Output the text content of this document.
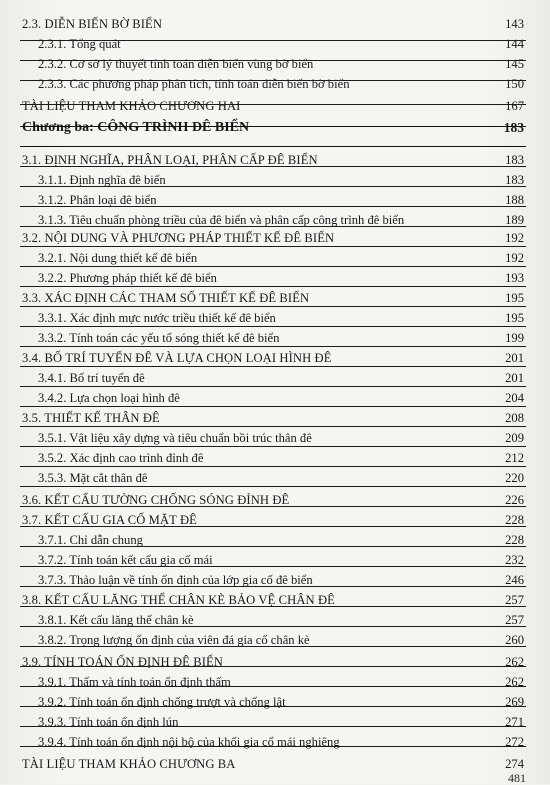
2.3. DIỄN BIẾN BỜ BIỂN	143
2.3.1. Tổng quát	144
2.3.2. Cơ sở lý thuyết tính toán diễn biến vùng bờ biển	145
2.3.3. Các phương pháp phân tích, tính toán diễn biến bờ biển	150
TÀI LIỆU THAM KHẢO CHƯƠNG HAI	167
Chương ba: CÔNG TRÌNH ĐÊ BIỂN	183
3.1. ĐỊNH NGHĨA, PHÂN LOẠI, PHÂN CẤP ĐÊ BIỂN	183
3.1.1. Định nghĩa đê biển	183
3.1.2. Phân loại đê biển	188
3.1.3. Tiêu chuẩn phòng triều của đê biển và phân cấp công trình đê biển	189
3.2. NỘI DUNG VÀ PHƯƠNG PHÁP THIẾT KẾ ĐÊ BIỂN	192
3.2.1. Nội dung thiết kế đê biển	192
3.2.2. Phương pháp thiết kế đê biển	193
3.3. XÁC ĐỊNH CÁC THAM SỐ THIẾT KẾ ĐÊ BIỂN	195
3.3.1. Xác định mực nước triều thiết kế đê biển	195
3.3.2. Tính toán các yếu tố sóng thiết kế đê biển	199
3.4. BỐ TRÍ TUYẾN ĐÊ VÀ LỰA CHỌN LOẠI HÌNH ĐÊ	201
3.4.1. Bố trí tuyến đê	201
3.4.2. Lựa chọn loại hình đê	204
3.5. THIẾT KẾ THÂN ĐÊ	208
3.5.1. Vật liệu xây dựng và tiêu chuẩn bồi trúc thân đê	209
3.5.2. Xác định cao trình đỉnh đê	212
3.5.3. Mặt cắt thân đê	220
3.6. KẾT CẤU TƯỜNG CHỐNG SÓNG ĐỈNH ĐÊ	226
3.7. KẾT CẤU GIA CỐ MẶT ĐÊ	228
3.7.1. Chỉ dẫn chung	228
3.7.2. Tính toán kết cấu gia cố mái	232
3.7.3. Thảo luận về tính ổn định của lớp gia cố đê biển	246
3.8. KẾT CẤU LĂNG THỂ CHÂN KÈ BẢO VỆ CHÂN ĐÊ	257
3.8.1. Kết cấu lăng thể chân kè	257
3.8.2. Trọng lượng ổn định của viên đá gia cố chân kè	260
3.9. TÍNH TOÁN ỔN ĐỊNH ĐÊ BIỂN	262
3.9.1. Thấm và tính toán ổn định thấm	262
3.9.2. Tính toán ổn định chống trượt và chống lật	269
3.9.3. Tính toán ổn định lún	271
3.9.4. Tính toán ổn định nội bộ của khối gia cố mái nghiêng	272
TÀI LIỆU THAM KHẢO CHƯƠNG BA	274
481
